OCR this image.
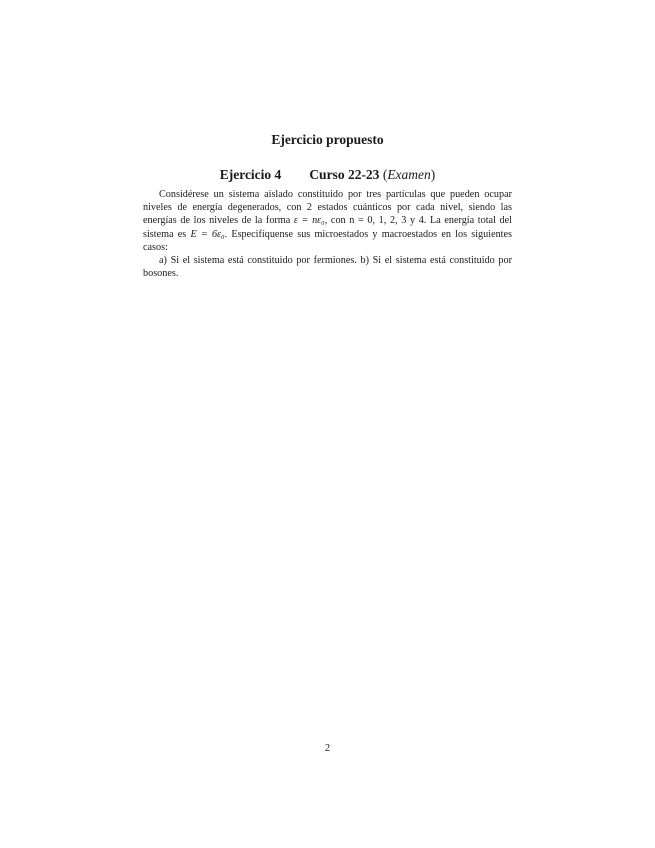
Ejercicio propuesto
Ejercicio 4 Curso 22-23 (Examen)

Considérese un sistema aislado constituido por tres partículas que pueden ocupar niveles de energía degenerados, con 2 estados cuánticos por cada nivel, siendo las energías de los niveles de la forma ε = nε₀, con n = 0, 1, 2, 3 y 4. La energía total del sistema es E = 6ε₀. Especifíquense sus microestados y macroestados en los siguientes casos:

a) Si el sistema está constituido por fermiones. b) Si el sistema está constituido por bosones.

2
